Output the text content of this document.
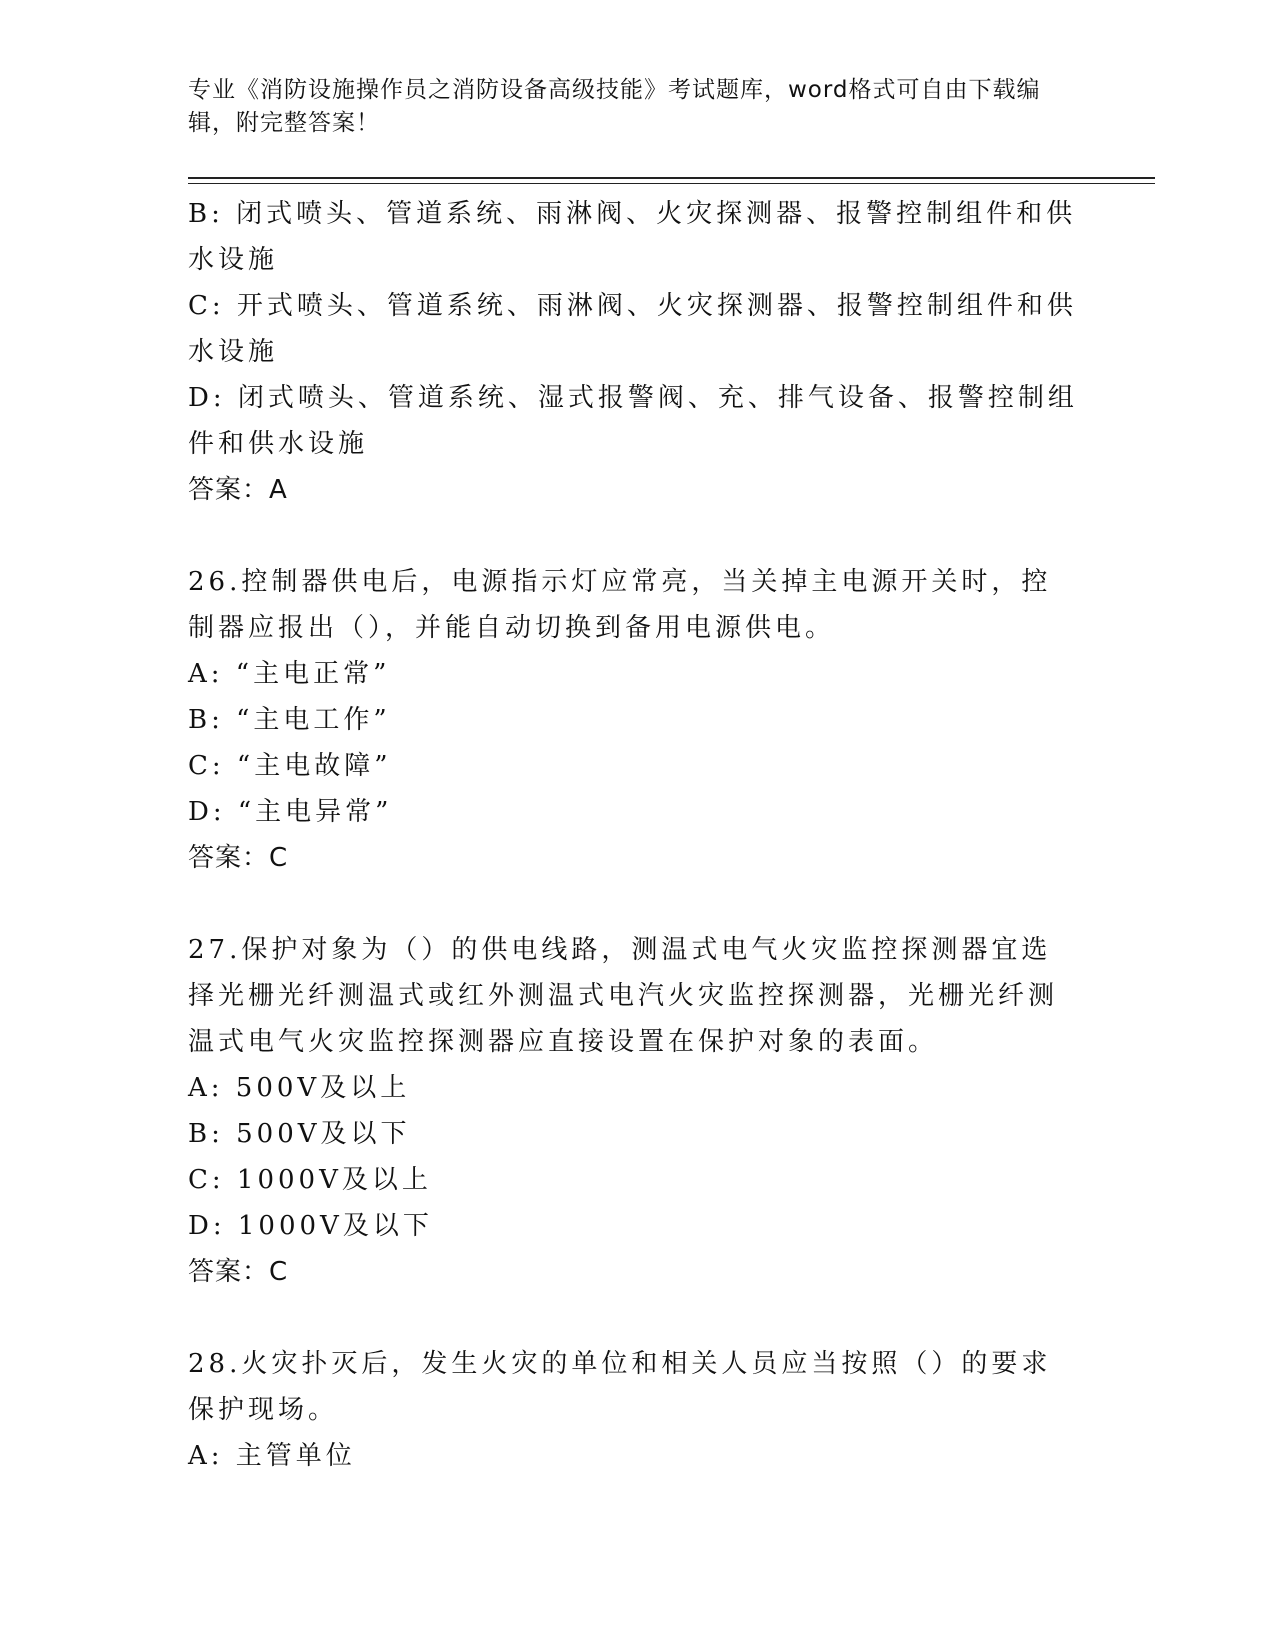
专业《消防设施操作员之消防设备高级技能》考试题库，word格式可自由下载编辑，附完整答案！
B: 闭式喷头、管道系统、雨淋阀、火灾探测器、报警控制组件和供水设施
C: 开式喷头、管道系统、雨淋阀、火灾探测器、报警控制组件和供水设施
D: 闭式喷头、管道系统、湿式报警阀、充、排气设备、报警控制组件和供水设施
答案：A
26.控制器供电后，电源指示灯应常亮，当关掉主电源开关时，控制器应报出（），并能自动切换到备用电源供电。
A: “主电正常”
B: “主电工作”
C: “主电故障”
D: “主电异常”
答案：C
27.保护对象为（）的供电线路，测温式电气火灾监控探测器宜选择光栅光纤测温式或红外测温式电汽火灾监控探测器，光栅光纤测温式电气火灾监控探测器应直接设置在保护对象的表面。
A: 500V及以上
B: 500V及以下
C: 1000V及以上
D: 1000V及以下
答案：C
28.火灾扑灭后，发生火灾的单位和相关人员应当按照（）的要求保护现场。
A: 主管单位
